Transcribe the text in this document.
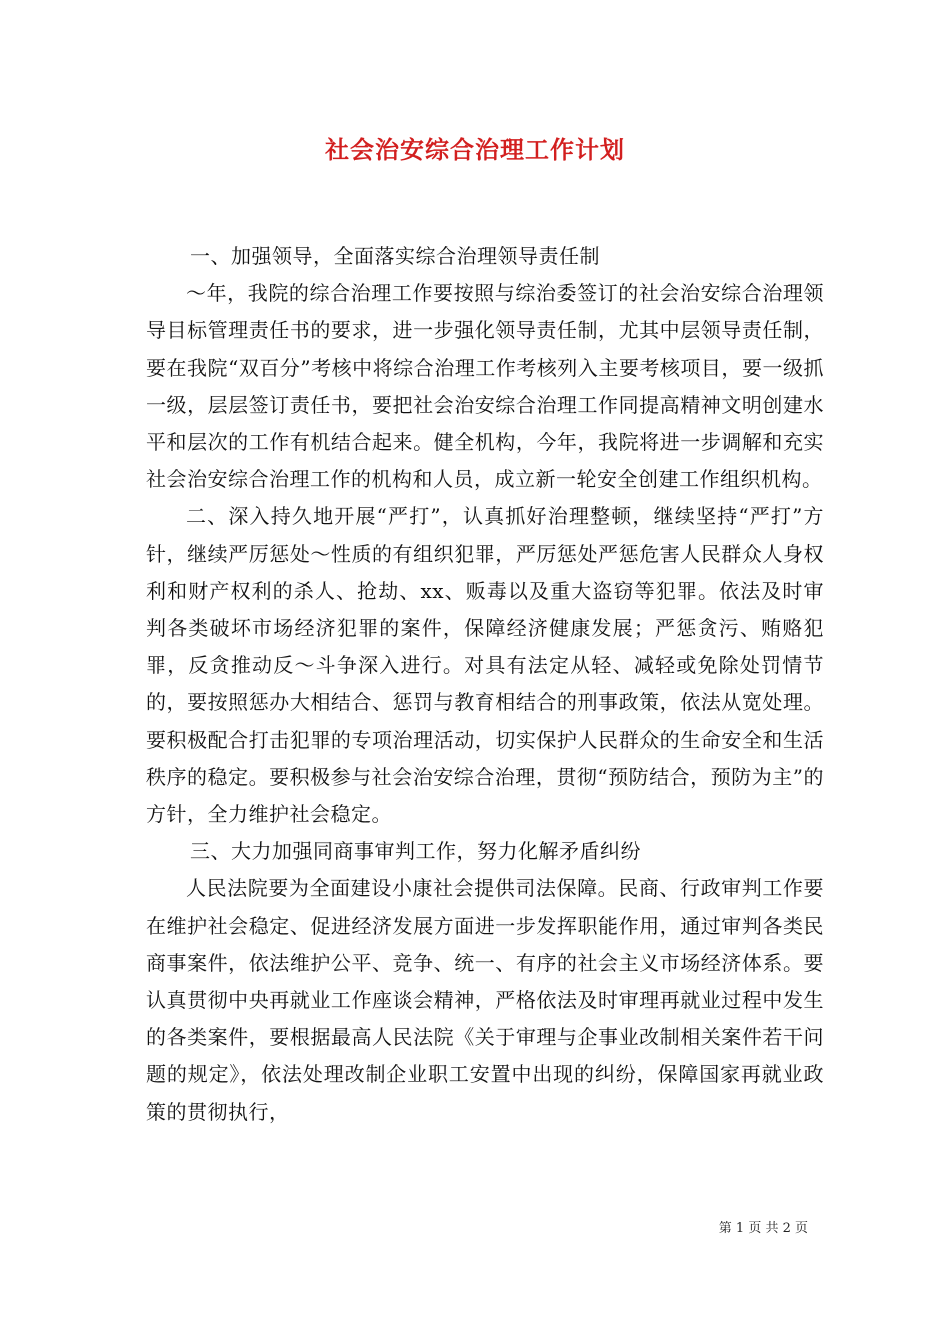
社会治安综合治理工作计划

一、加强领导，全面落实综合治理领导责任制

～年，我院的综合治理工作要按照与综治委签订的社会治安综合治理领导目标管理责任书的要求，进一步强化领导责任制，尤其中层领导责任制，要在我院“双百分”考核中将综合治理工作考核列入主要考核项目，要一级抓一级，层层签订责任书，要把社会治安综合治理工作同提高精神文明创建水平和层次的工作有机结合起来。健全机构，今年，我院将进一步调解和充实社会治安综合治理工作的机构和人员，成立新一轮安全创建工作组织机构。

二、深入持久地开展“严打”，认真抓好治理整顿，继续坚持“严打”方针，继续严厉惩处～性质的有组织犯罪，严厉惩处严惩危害人民群众人身权利和财产权利的杀人、抢劫、xx、贩毒以及重大盗窃等犯罪。依法及时审判各类破坏市场经济犯罪的案件，保障经济健康发展；严惩贪污、贿赂犯罪，反贪推动反～斗争深入进行。对具有法定从轻、减轻或免除处罚情节的，要按照惩办大相结合、惩罚与教育相结合的刑事政策，依法从宽处理。要积极配合打击犯罪的专项治理活动，切实保护人民群众的生命安全和生活秩序的稳定。要积极参与社会治安综合治理，贯彻“预防结合，预防为主”的方针，全力维护社会稳定。

三、大力加强同商事审判工作，努力化解矛盾纠纷

人民法院要为全面建设小康社会提供司法保障。民商、行政审判工作要在维护社会稳定、促进经济发展方面进一步发挥职能作用，通过审判各类民商事案件，依法维护公平、竞争、统一、有序的社会主义市场经济体系。要认真贯彻中央再就业工作座谈会精神，严格依法及时审理再就业过程中发生的各类案件，要根据最高人民法院《关于审理与企事业改制相关案件若干问题的规定》，依法处理改制企业职工安置中出现的纠纷，保障国家再就业政策的贯彻执行，

第 1 页 共 2 页
